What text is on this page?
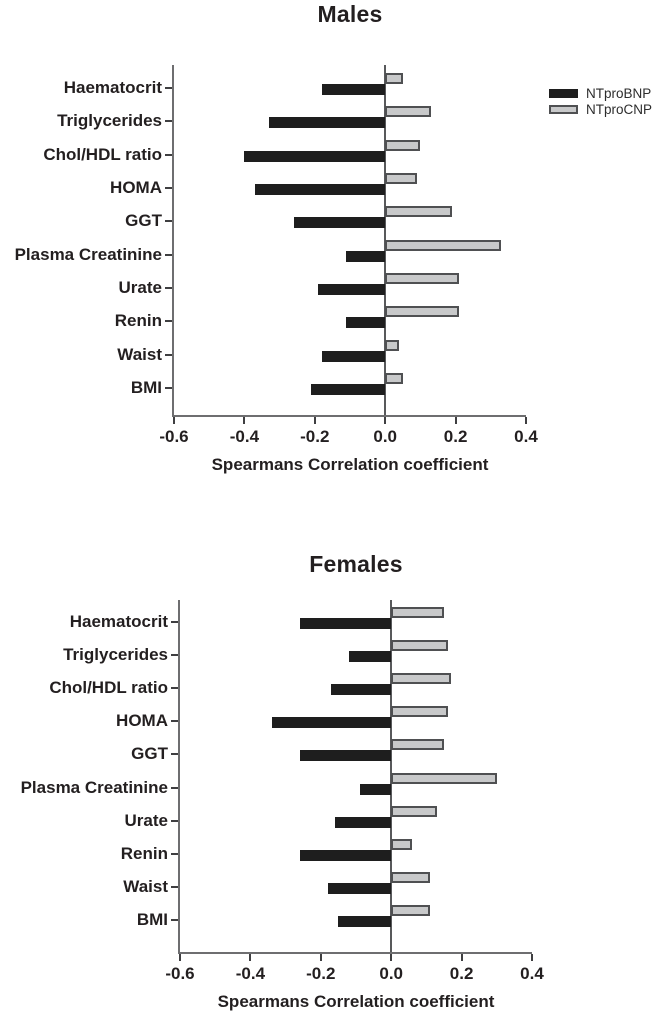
Males
Females
Spearmans Correlation coefficient
Spearmans Correlation coefficient
NTproBNP
NTproCNP
-0.6	-0.4	-0.2	0.0	0.2	0.4
Haematocrit
Triglycerides
Chol/HDL ratio
HOMA
GGT
Plasma Creatinine
Urate
Renin
Waist
BMI
-0.6	-0.4	-0.2	0.0	0.2	0.4
Haematocrit
Triglycerides
Chol/HDL ratio
HOMA
GGT
Plasma Creatinine
Urate
Renin
Waist
BMI
